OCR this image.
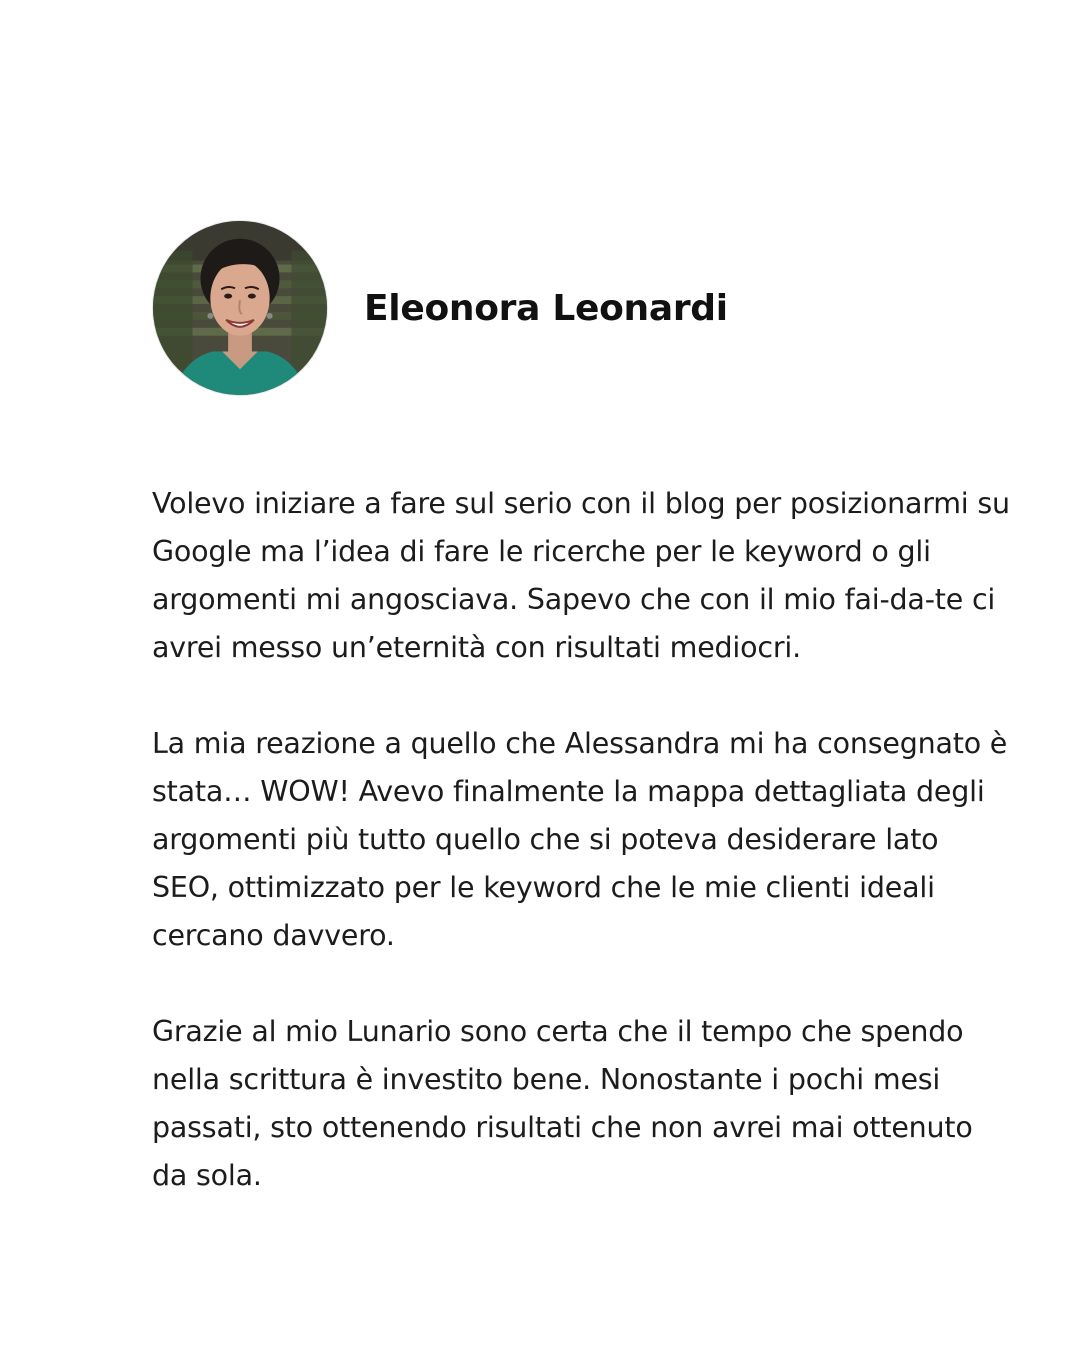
Eleonora Leonardi

Volevo iniziare a fare sul serio con il blog per posizionarmi su Google ma l’idea di fare le ricerche per le keyword o gli argomenti mi angosciava. Sapevo che con il mio fai-da-te ci avrei messo un’eternità con risultati mediocri.

La mia reazione a quello che Alessandra mi ha consegnato è stata… WOW! Avevo finalmente la mappa dettagliata degli argomenti più tutto quello che si poteva desiderare lato SEO, ottimizzato per le keyword che le mie clienti ideali cercano davvero.

Grazie al mio Lunario sono certa che il tempo che spendo nella scrittura è investito bene. Nonostante i pochi mesi passati, sto ottenendo risultati che non avrei mai ottenuto da sola.
